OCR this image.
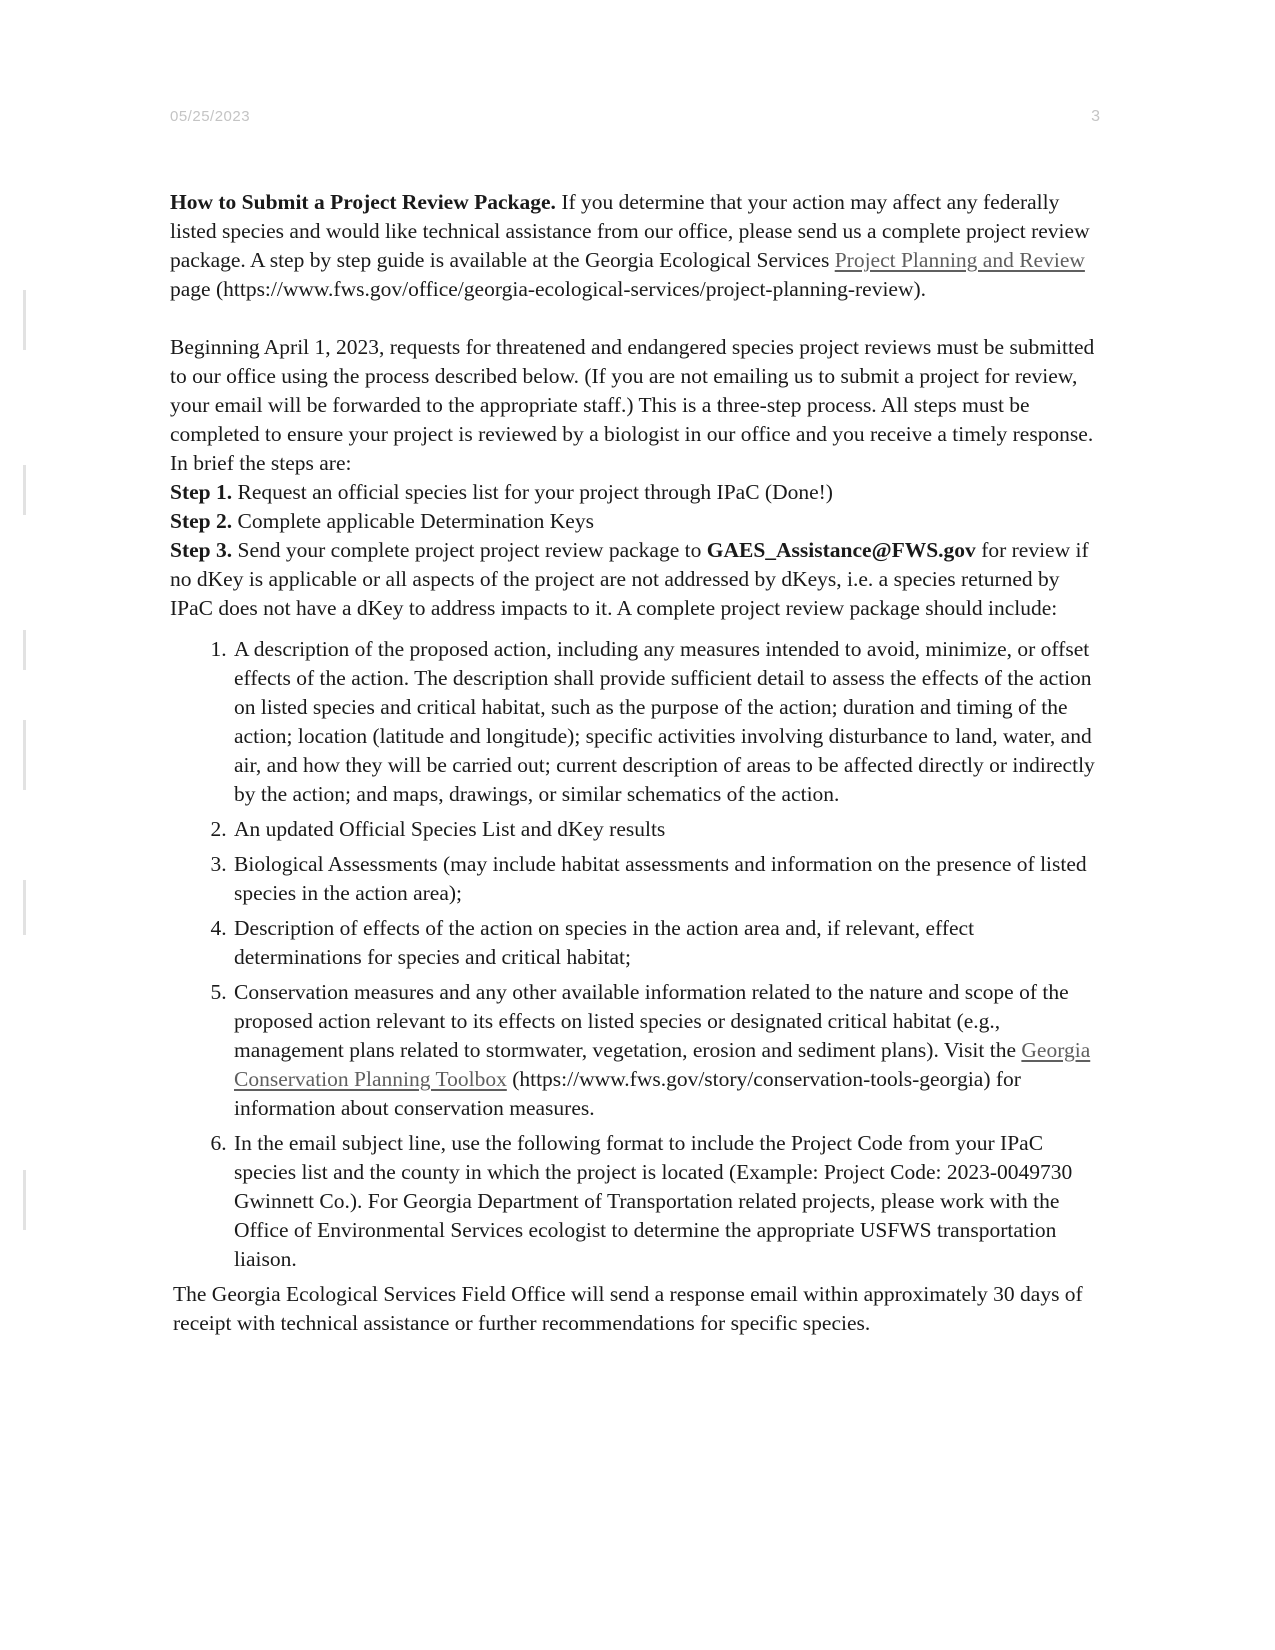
05/25/2023	3

How to Submit a Project Review Package. If you determine that your action may affect any federally listed species and would like technical assistance from our office, please send us a complete project review package. A step by step guide is available at the Georgia Ecological Services Project Planning and Review page (https://www.fws.gov/office/georgia-ecological-services/project-planning-review).

Beginning April 1, 2023, requests for threatened and endangered species project reviews must be submitted to our office using the process described below. (If you are not emailing us to submit a project for review, your email will be forwarded to the appropriate staff.) This is a three-step process. All steps must be completed to ensure your project is reviewed by a biologist in our office and you receive a timely response. In brief the steps are:

Step 1. Request an official species list for your project through IPaC (Done!)

Step 2. Complete applicable Determination Keys

Step 3. Send your complete project project review package to GAES_Assistance@FWS.gov for review if no dKey is applicable or all aspects of the project are not addressed by dKeys, i.e. a species returned by IPaC does not have a dKey to address impacts to it. A complete project review package should include:

1. A description of the proposed action, including any measures intended to avoid, minimize, or offset effects of the action. The description shall provide sufficient detail to assess the effects of the action on listed species and critical habitat, such as the purpose of the action; duration and timing of the action; location (latitude and longitude); specific activities involving disturbance to land, water, and air, and how they will be carried out; current description of areas to be affected directly or indirectly by the action; and maps, drawings, or similar schematics of the action.
2. An updated Official Species List and dKey results
3. Biological Assessments (may include habitat assessments and information on the presence of listed species in the action area);
4. Description of effects of the action on species in the action area and, if relevant, effect determinations for species and critical habitat;
5. Conservation measures and any other available information related to the nature and scope of the proposed action relevant to its effects on listed species or designated critical habitat (e.g., management plans related to stormwater, vegetation, erosion and sediment plans). Visit the Georgia Conservation Planning Toolbox (https://www.fws.gov/story/conservation-tools-georgia) for information about conservation measures.
6. In the email subject line, use the following format to include the Project Code from your IPaC species list and the county in which the project is located (Example: Project Code: 2023-0049730 Gwinnett Co.). For Georgia Department of Transportation related projects, please work with the Office of Environmental Services ecologist to determine the appropriate USFWS transportation liaison.

The Georgia Ecological Services Field Office will send a response email within approximately 30 days of receipt with technical assistance or further recommendations for specific species.
